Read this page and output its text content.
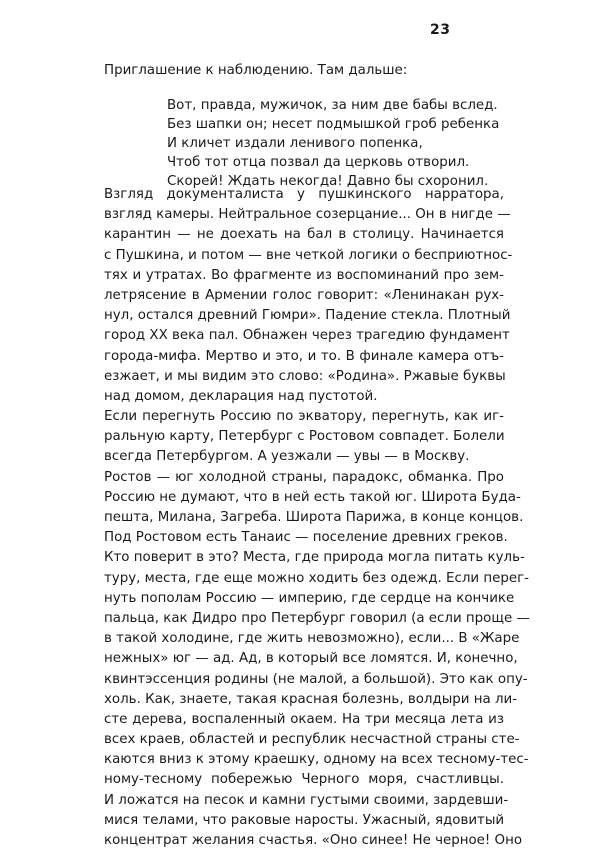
23
Приглашение к наблюдению. Там дальше:
Вот, правда, мужичок, за ним две бабы вслед.
Без шапки он; несет подмышкой гроб ребенка
И кличет издали ленивого попенка,
Чтоб тот отца позвал да церковь отворил.
Скорей! Ждать некогда! Давно бы схоронил.
Взгляд документалиста у пушкинского нарратора,
взгляд камеры. Нейтральное созерцание... Он в нигде —
карантин — не доехать на бал в столицу. Начинается
с Пушкина, и потом — вне четкой логики о бесприютнос-
тях и утратах. Во фрагменте из воспоминаний про зем-
летрясение в Армении голос говорит: «Ленинакан рух-
нул, остался древний Гюмри». Падение стекла. Плотный
город XX века пал. Обнажен через трагедию фундамент
города-мифа. Мертво и это, и то. В финале камера отъ-
езжает, и мы видим это слово: «Родина». Ржавые буквы
над домом, декларация над пустотой.
Если перегнуть Россию по экватору, перегнуть, как иг-
ральную карту, Петербург с Ростовом совпадет. Болели
всегда Петербургом. А уезжали — увы — в Москву.
Ростов — юг холодной страны, парадокс, обманка. Про
Россию не думают, что в ней есть такой юг. Широта Буда-
пешта, Милана, Загреба. Широта Парижа, в конце концов.
Под Ростовом есть Танаис — поселение древних греков.
Кто поверит в это? Места, где природа могла питать куль-
туру, места, где еще можно ходить без одежд. Если перег-
нуть пополам Россию — империю, где сердце на кончике
пальца, как Дидро про Петербург говорил (а если проще —
в такой холодине, где жить невозможно), если... В «Жаре
нежных» юг — ад. Ад, в который все ломятся. И, конечно,
квинтэссенция родины (не малой, а большой). Это как опу-
холь. Как, знаете, такая красная болезнь, волдыри на ли-
сте дерева, воспаленный окаем. На три месяца лета из
всех краев, областей и республик несчастной страны сте-
каются вниз к этому краешку, одному на всех тесному-тес-
ному-тесному побережью Черного моря, счастливцы.
И ложатся на песок и камни густыми своими, зардевши-
мися телами, что раковые наросты. Ужасный, ядовитый
концентрат желания счастья. «Оно синее! Не черное! Оно
